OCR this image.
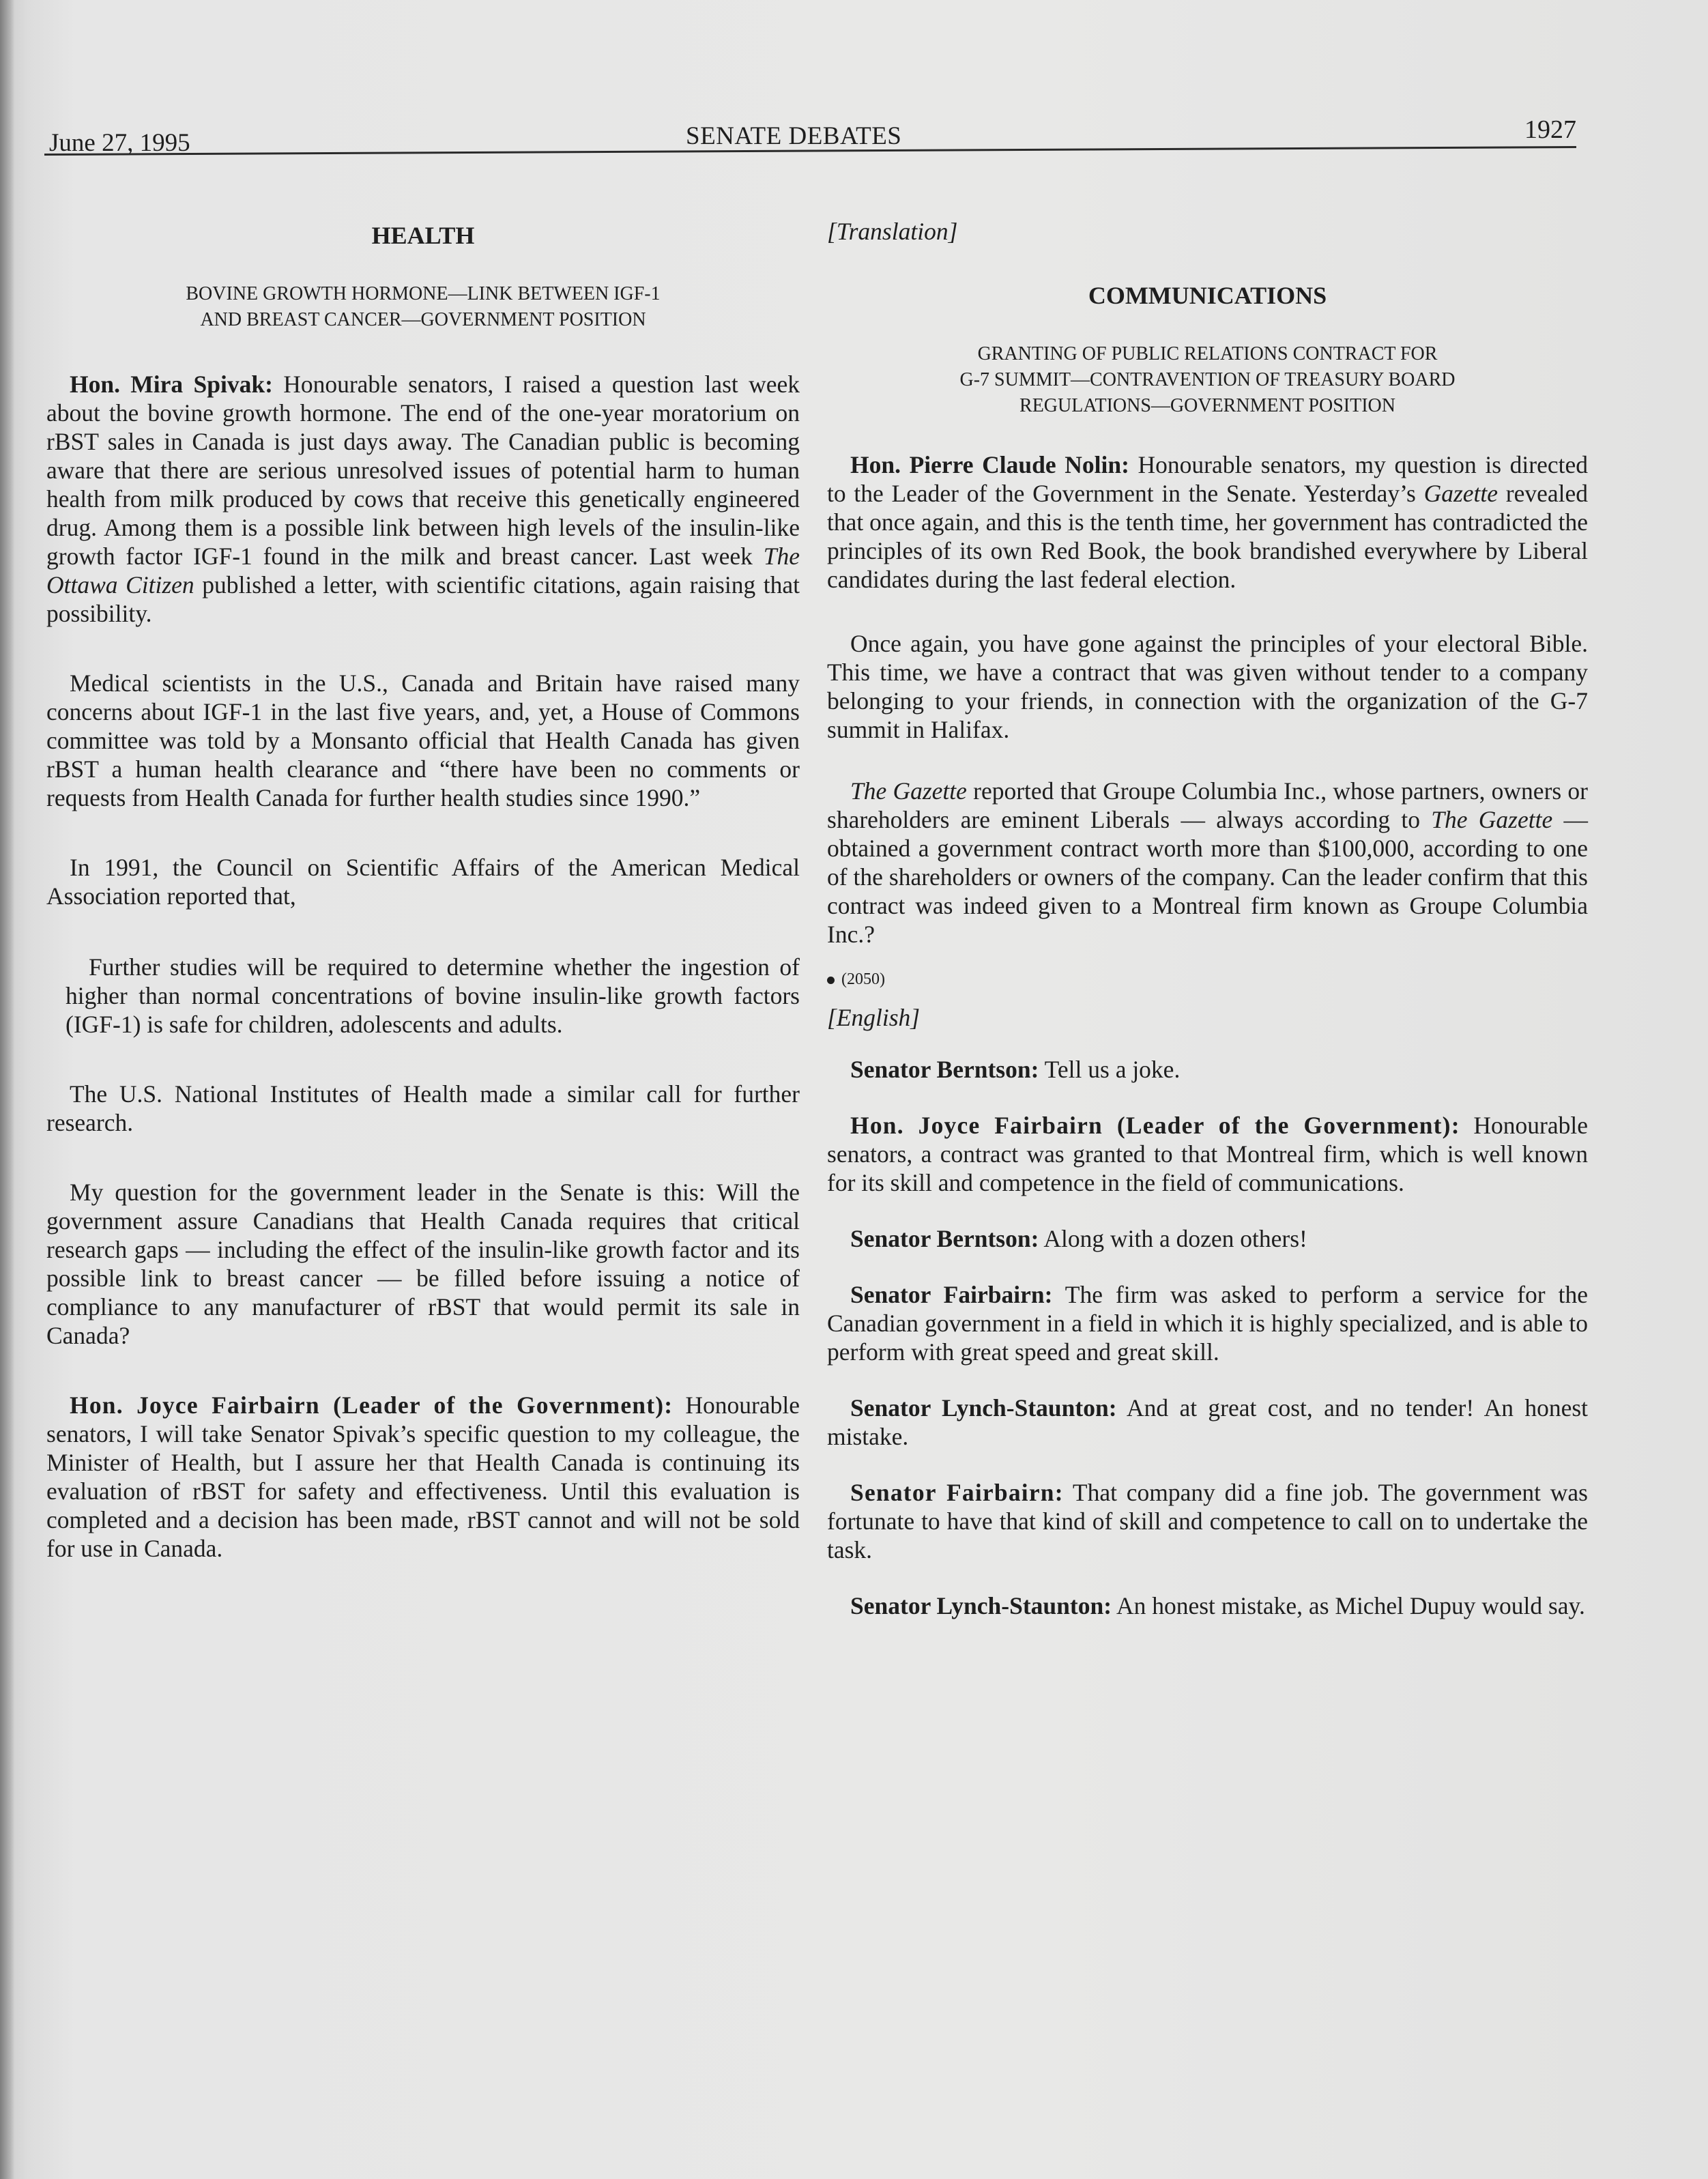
June 27, 1995	SENATE DEBATES	1927
HEALTH
BOVINE GROWTH HORMONE—LINK BETWEEN IGF-1
AND BREAST CANCER—GOVERNMENT POSITION

Hon. Mira Spivak: Honourable senators, I raised a question last week about the bovine growth hormone. The end of the one-year moratorium on rBST sales in Canada is just days away. The Canadian public is becoming aware that there are serious unresolved issues of potential harm to human health from milk produced by cows that receive this genetically engineered drug. Among them is a possible link between high levels of the insulin-like growth factor IGF-1 found in the milk and breast cancer. Last week The Ottawa Citizen published a letter, with scientific citations, again raising that possibility.

Medical scientists in the U.S., Canada and Britain have raised many concerns about IGF-1 in the last five years, and, yet, a House of Commons committee was told by a Monsanto official that Health Canada has given rBST a human health clearance and “there have been no comments or requests from Health Canada for further health studies since 1990.”

In 1991, the Council on Scientific Affairs of the American Medical Association reported that,

Further studies will be required to determine whether the ingestion of higher than normal concentrations of bovine insulin-like growth factors (IGF-1) is safe for children, adolescents and adults.

The U.S. National Institutes of Health made a similar call for further research.

My question for the government leader in the Senate is this: Will the government assure Canadians that Health Canada requires that critical research gaps — including the effect of the insulin-like growth factor and its possible link to breast cancer — be filled before issuing a notice of compliance to any manufacturer of rBST that would permit its sale in Canada?

Hon. Joyce Fairbairn (Leader of the Government): Honourable senators, I will take Senator Spivak’s specific question to my colleague, the Minister of Health, but I assure her that Health Canada is continuing its evaluation of rBST for safety and effectiveness. Until this evaluation is completed and a decision has been made, rBST cannot and will not be sold for use in Canada.

[Translation]
COMMUNICATIONS
GRANTING OF PUBLIC RELATIONS CONTRACT FOR
G-7 SUMMIT—CONTRAVENTION OF TREASURY BOARD
REGULATIONS—GOVERNMENT POSITION

Hon. Pierre Claude Nolin: Honourable senators, my question is directed to the Leader of the Government in the Senate. Yesterday’s Gazette revealed that once again, and this is the tenth time, her government has contradicted the principles of its own Red Book, the book brandished everywhere by Liberal candidates during the last federal election.

Once again, you have gone against the principles of your electoral Bible. This time, we have a contract that was given without tender to a company belonging to your friends, in connection with the organization of the G-7 summit in Halifax.

The Gazette reported that Groupe Columbia Inc., whose partners, owners or shareholders are eminent Liberals — always according to The Gazette — obtained a government contract worth more than $100,000, according to one of the shareholders or owners of the company. Can the leader confirm that this contract was indeed given to a Montreal firm known as Groupe Columbia Inc.?

(2050)
[English]

Senator Berntson: Tell us a joke.

Hon. Joyce Fairbairn (Leader of the Government): Honourable senators, a contract was granted to that Montreal firm, which is well known for its skill and competence in the field of communications.

Senator Berntson: Along with a dozen others!

Senator Fairbairn: The firm was asked to perform a service for the Canadian government in a field in which it is highly specialized, and is able to perform with great speed and great skill.

Senator Lynch-Staunton: And at great cost, and no tender! An honest mistake.

Senator Fairbairn: That company did a fine job. The government was fortunate to have that kind of skill and competence to call on to undertake the task.

Senator Lynch-Staunton: An honest mistake, as Michel Dupuy would say.
